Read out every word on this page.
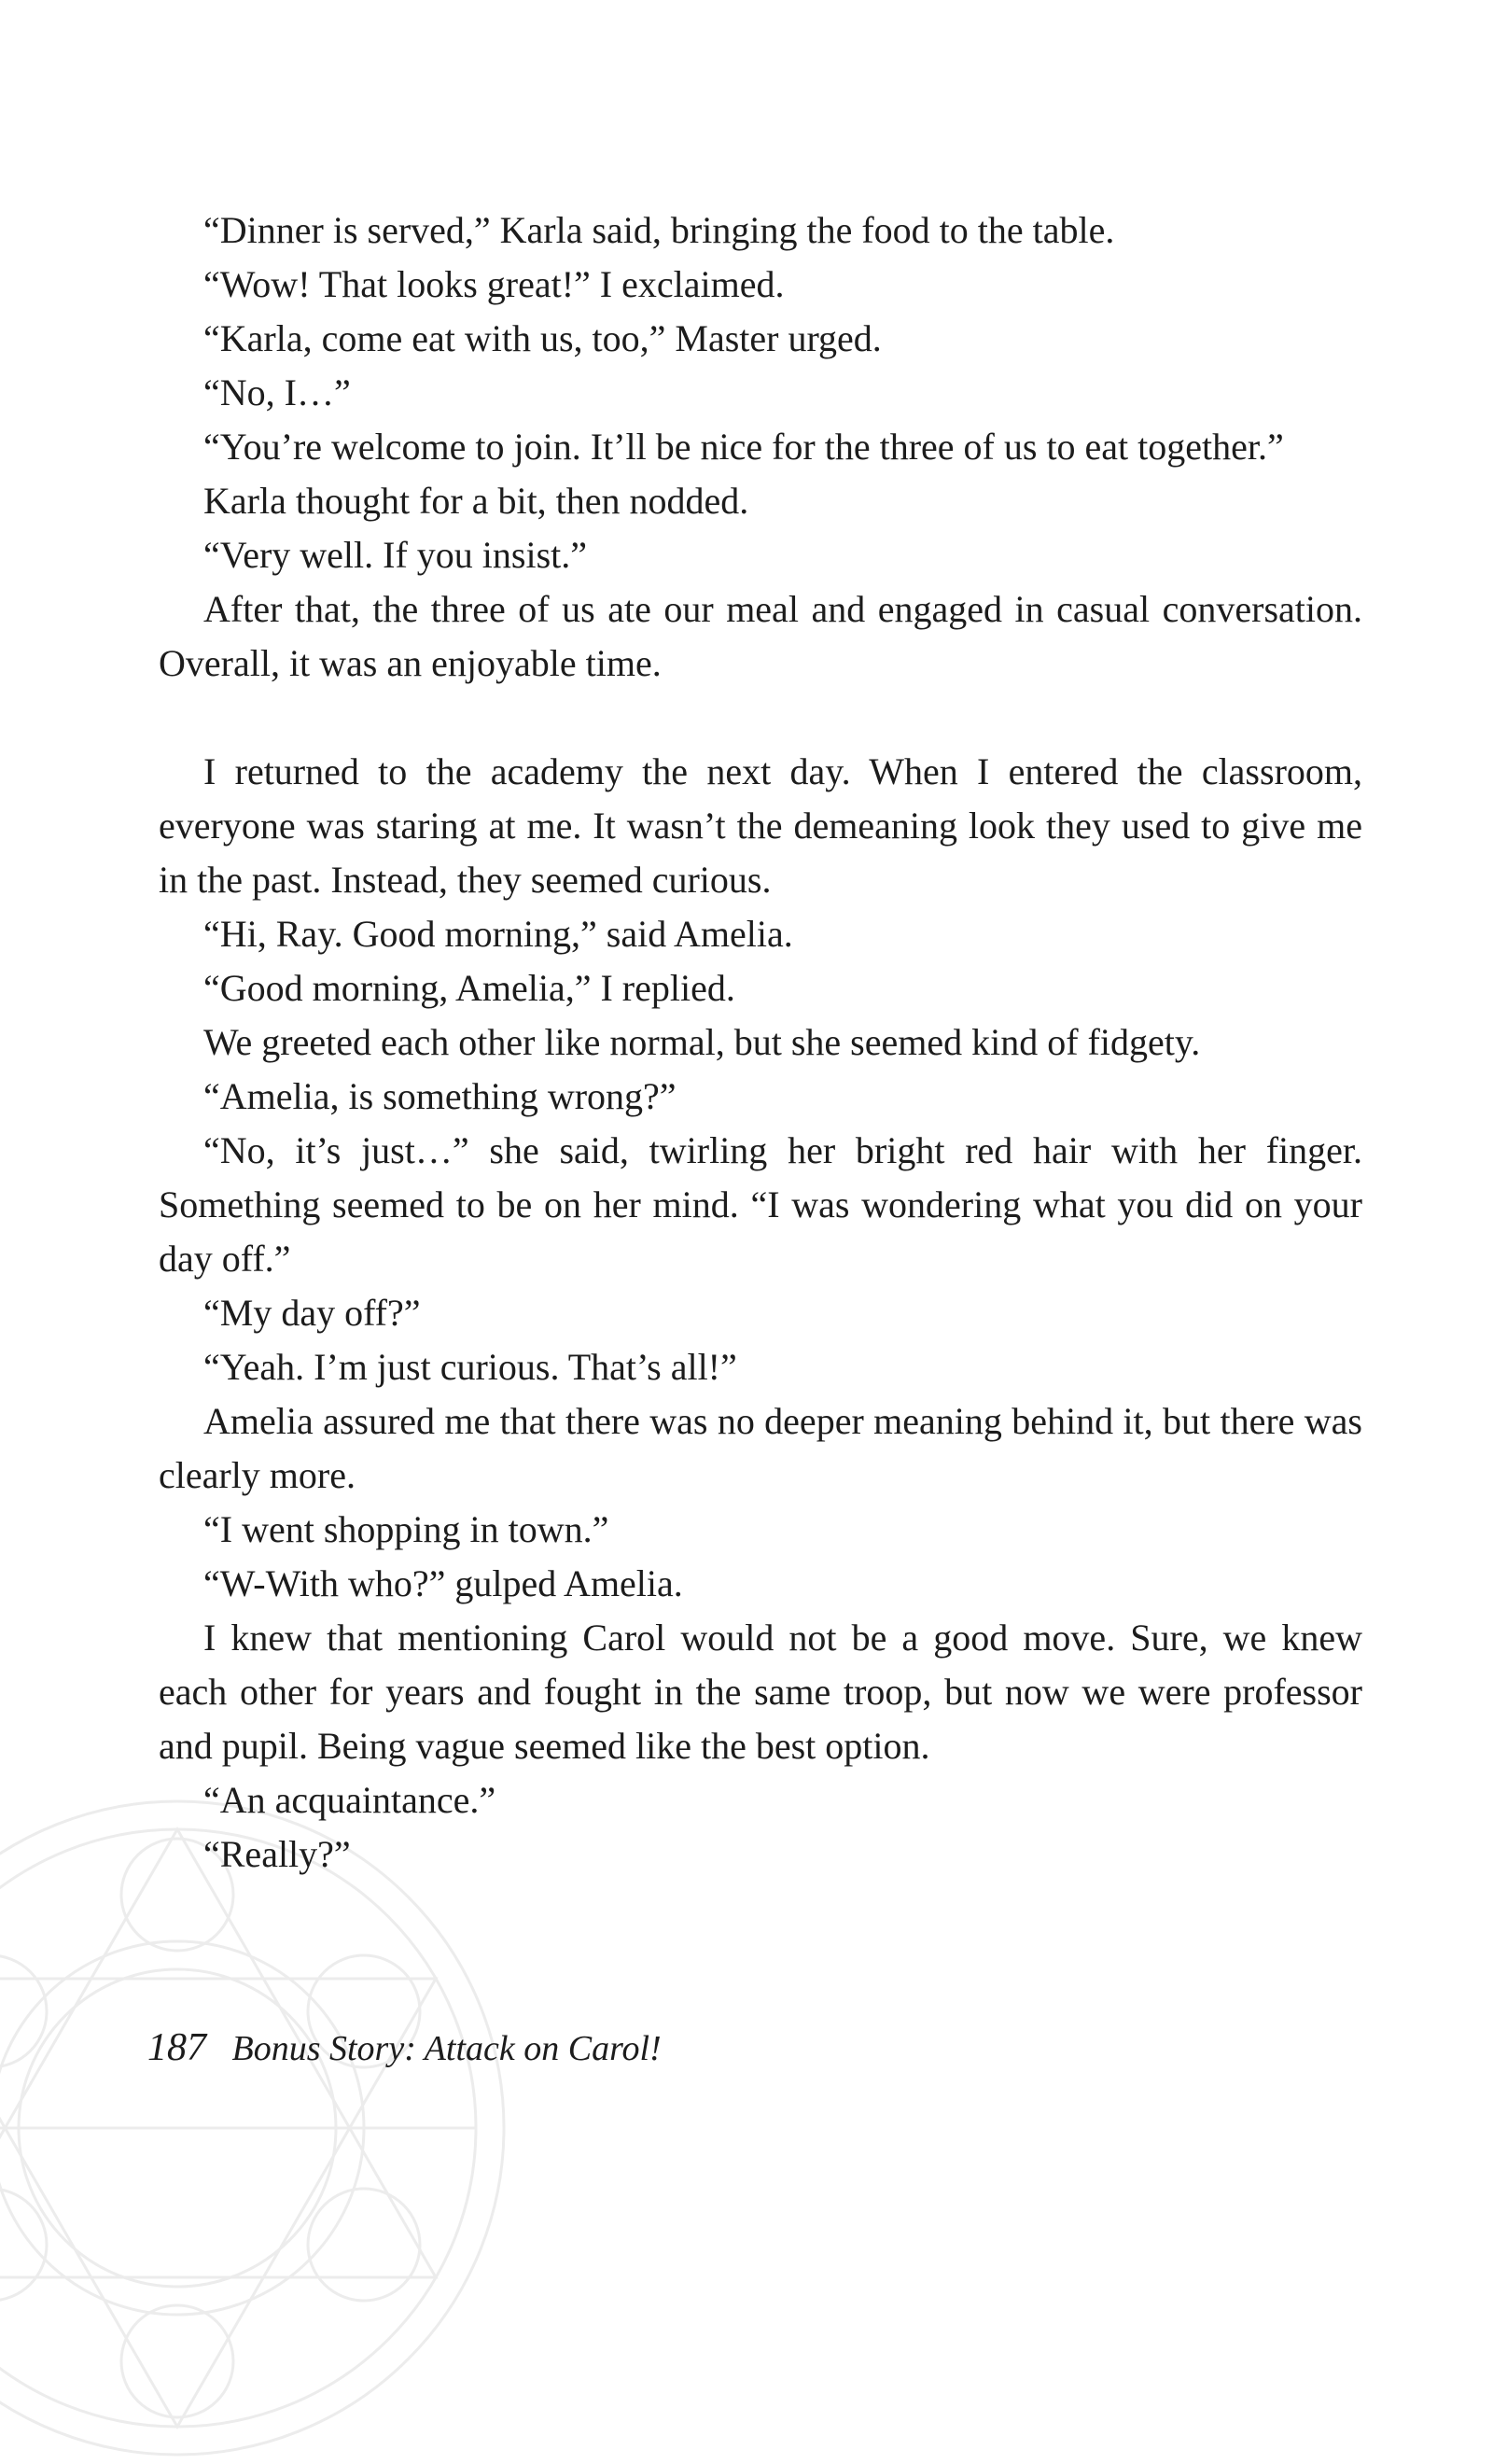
“Dinner is served,” Karla said, bringing the food to the table.

“Wow! That looks great!” I exclaimed.

“Karla, come eat with us, too,” Master urged.

“No, I…”

“You’re welcome to join. It’ll be nice for the three of us to eat together.”

Karla thought for a bit, then nodded.

“Very well. If you insist.”

After that, the three of us ate our meal and engaged in casual conversation. Overall, it was an enjoyable time.

I returned to the academy the next day. When I entered the classroom, everyone was staring at me. It wasn’t the demeaning look they used to give me in the past. Instead, they seemed curious.

“Hi, Ray. Good morning,” said Amelia.

“Good morning, Amelia,” I replied.

We greeted each other like normal, but she seemed kind of fidgety.

“Amelia, is something wrong?”

“No, it’s just…” she said, twirling her bright red hair with her finger. Something seemed to be on her mind. “I was wondering what you did on your day off.”

“My day off?”

“Yeah. I’m just curious. That’s all!”

Amelia assured me that there was no deeper meaning behind it, but there was clearly more.

“I went shopping in town.”

“W-With who?” gulped Amelia.

I knew that mentioning Carol would not be a good move. Sure, we knew each other for years and fought in the same troop, but now we were professor and pupil. Being vague seemed like the best option.

“An acquaintance.”

“Really?”

187 Bonus Story: Attack on Carol!
